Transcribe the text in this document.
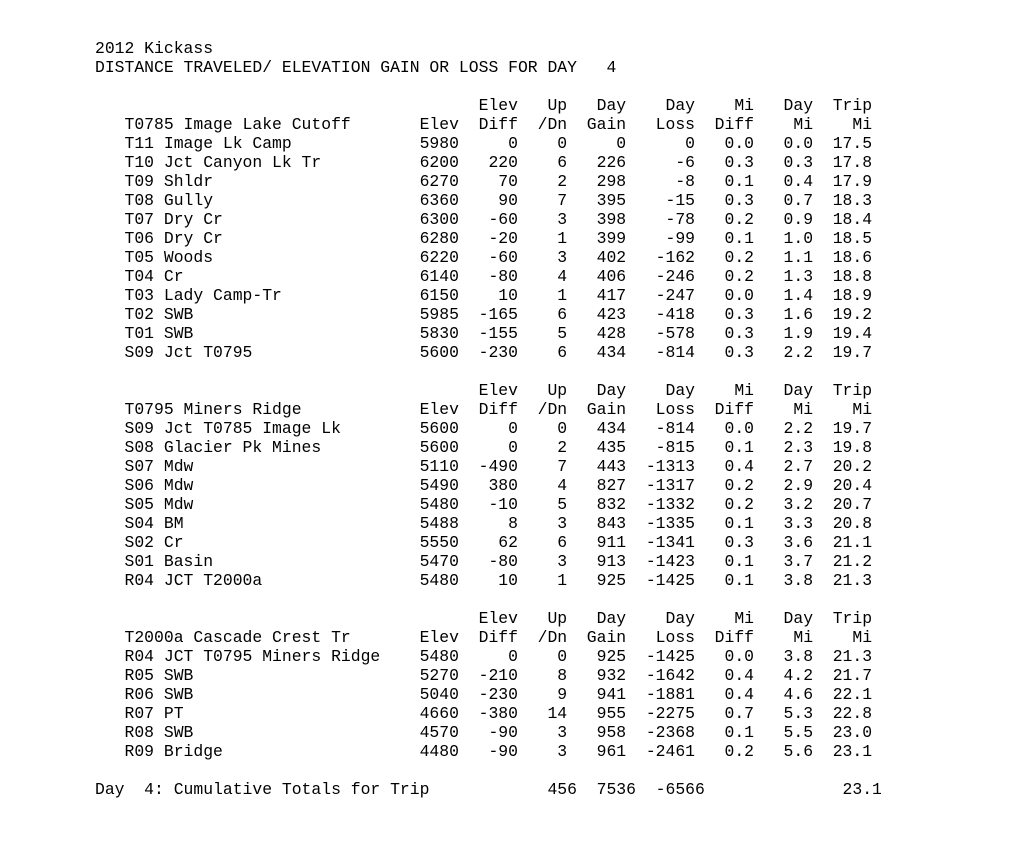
2012 Kickass
DISTANCE TRAVELED/ ELEVATION GAIN OR LOSS FOR DAY   4
Elev   Up   Day    Day    Mi   Day  Trip
T0785 Image Lake Cutoff       Elev  Diff  /Dn  Gain   Loss  Diff    Mi    Mi
T11 Image Lk Camp             5980     0    0     0      0   0.0   0.0  17.5
T10 Jct Canyon Lk Tr          6200   220    6   226     -6   0.3   0.3  17.8
T09 Shldr                     6270    70    2   298     -8   0.1   0.4  17.9
T08 Gully                     6360    90    7   395    -15   0.3   0.7  18.3
T07 Dry Cr                    6300   -60    3   398    -78   0.2   0.9  18.4
T06 Dry Cr                    6280   -20    1   399    -99   0.1   1.0  18.5
T05 Woods                     6220   -60    3   402   -162   0.2   1.1  18.6
T04 Cr                        6140   -80    4   406   -246   0.2   1.3  18.8
T03 Lady Camp-Tr              6150    10    1   417   -247   0.0   1.4  18.9
T02 SWB                       5985  -165    6   423   -418   0.3   1.6  19.2
T01 SWB                       5830  -155    5   428   -578   0.3   1.9  19.4
S09 Jct T0795                 5600  -230    6   434   -814   0.3   2.2  19.7
Elev   Up   Day    Day    Mi   Day  Trip
T0795 Miners Ridge            Elev  Diff  /Dn  Gain   Loss  Diff    Mi    Mi
S09 Jct T0785 Image Lk        5600     0    0   434   -814   0.0   2.2  19.7
S08 Glacier Pk Mines          5600     0    2   435   -815   0.1   2.3  19.8
S07 Mdw                       5110  -490    7   443  -1313   0.4   2.7  20.2
S06 Mdw                       5490   380    4   827  -1317   0.2   2.9  20.4
S05 Mdw                       5480   -10    5   832  -1332   0.2   3.2  20.7
S04 BM                        5488     8    3   843  -1335   0.1   3.3  20.8
S02 Cr                        5550    62    6   911  -1341   0.3   3.6  21.1
S01 Basin                     5470   -80    3   913  -1423   0.1   3.7  21.2
R04 JCT T2000a                5480    10    1   925  -1425   0.1   3.8  21.3
Elev   Up   Day    Day    Mi   Day  Trip
T2000a Cascade Crest Tr       Elev  Diff  /Dn  Gain   Loss  Diff    Mi    Mi
R04 JCT T0795 Miners Ridge    5480     0    0   925  -1425   0.0   3.8  21.3
R05 SWB                       5270  -210    8   932  -1642   0.4   4.2  21.7
R06 SWB                       5040  -230    9   941  -1881   0.4   4.6  22.1
R07 PT                        4660  -380   14   955  -2275   0.7   5.3  22.8
R08 SWB                       4570   -90    3   958  -2368   0.1   5.5  23.0
R09 Bridge                    4480   -90    3   961  -2461   0.2   5.6  23.1
Day  4: Cumulative Totals for Trip            456  7536  -6566              23.1
